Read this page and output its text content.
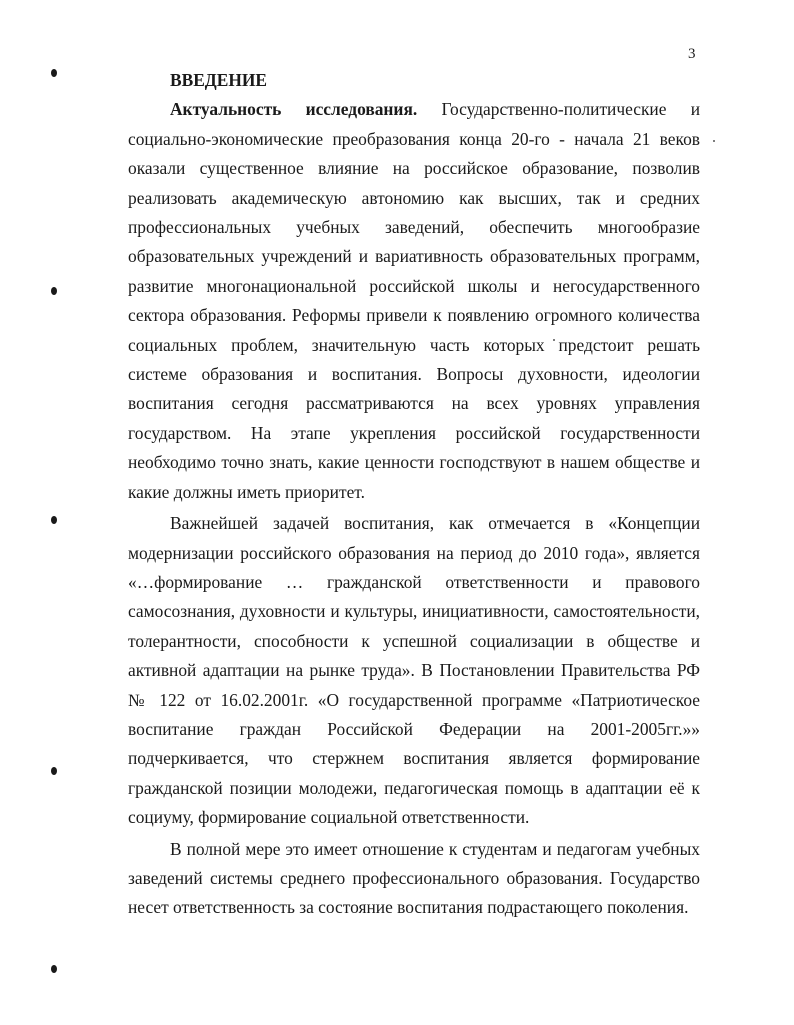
3
ВВЕДЕНИЕ

Актуальность исследования. Государственно-политические и социально-экономические преобразования конца 20-го - начала 21 веков оказали существенное влияние на российское образование, позволив реализовать академическую автономию как высших, так и средних профессиональных учебных заведений, обеспечить многообразие образовательных учреждений и вариативность образовательных программ, развитие многонациональной российской школы и негосударственного сектора образования. Реформы привели к появлению огромного количества социальных проблем, значительную часть которых предстоит решать системе образования и воспитания. Вопросы духовности, идеологии воспитания сегодня рассматриваются на всех уровнях управления государством. На этапе укрепления российской государственности необходимо точно знать, какие ценности господствуют в нашем обществе и какие должны иметь приоритет.

Важнейшей задачей воспитания, как отмечается в «Концепции модернизации российского образования на период до 2010 года», является «…формирование … гражданской ответственности и правового самосознания, духовности и культуры, инициативности, самостоятельности, толерантности, способности к успешной социализации в обществе и активной адаптации на рынке труда». В Постановлении Правительства РФ № 122 от 16.02.2001г. «О государственной программе «Патриотическое воспитание граждан Российской Федерации на 2001-2005гг.»» подчеркивается, что стержнем воспитания является формирование гражданской позиции молодежи, педагогическая помощь в адаптации её к социуму, формирование социальной ответственности.

В полной мере это имеет отношение к студентам и педагогам учебных заведений системы среднего профессионального образования. Государство несет ответственность за состояние воспитания подрастающего поколения.
